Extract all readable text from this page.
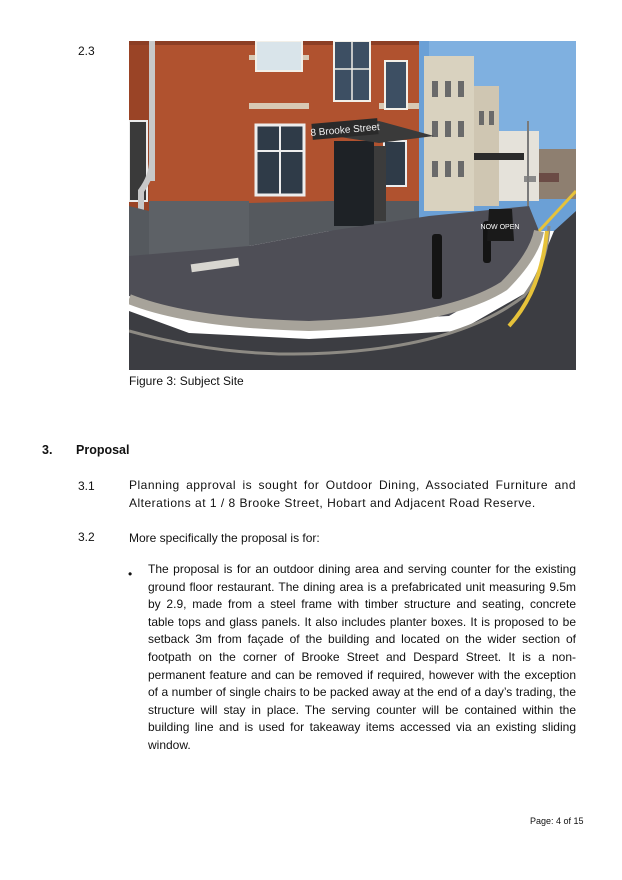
2.3
8 Brooke Street
NOW OPEN
Figure 3: Subject Site
3. Proposal
3.1	Planning approval is sought for Outdoor Dining, Associated Furniture and Alterations at 1 / 8 Brooke Street, Hobart and Adjacent Road Reserve.
3.2	More specifically the proposal is for:
• The proposal is for an outdoor dining area and serving counter for the existing ground floor restaurant. The dining area is a prefabricated unit measuring 9.5m by 2.9, made from a steel frame with timber structure and seating, concrete table tops and glass panels. It also includes planter boxes. It is proposed to be setback 3m from façade of the building and located on the wider section of footpath on the corner of Brooke Street and Despard Street. It is a non-permanent feature and can be removed if required, however with the exception of a number of single chairs to be packed away at the end of a day’s trading, the structure will stay in place. The serving counter will be contained within the building line and is used for takeaway items accessed via an existing sliding window.
Page: 4 of 15
